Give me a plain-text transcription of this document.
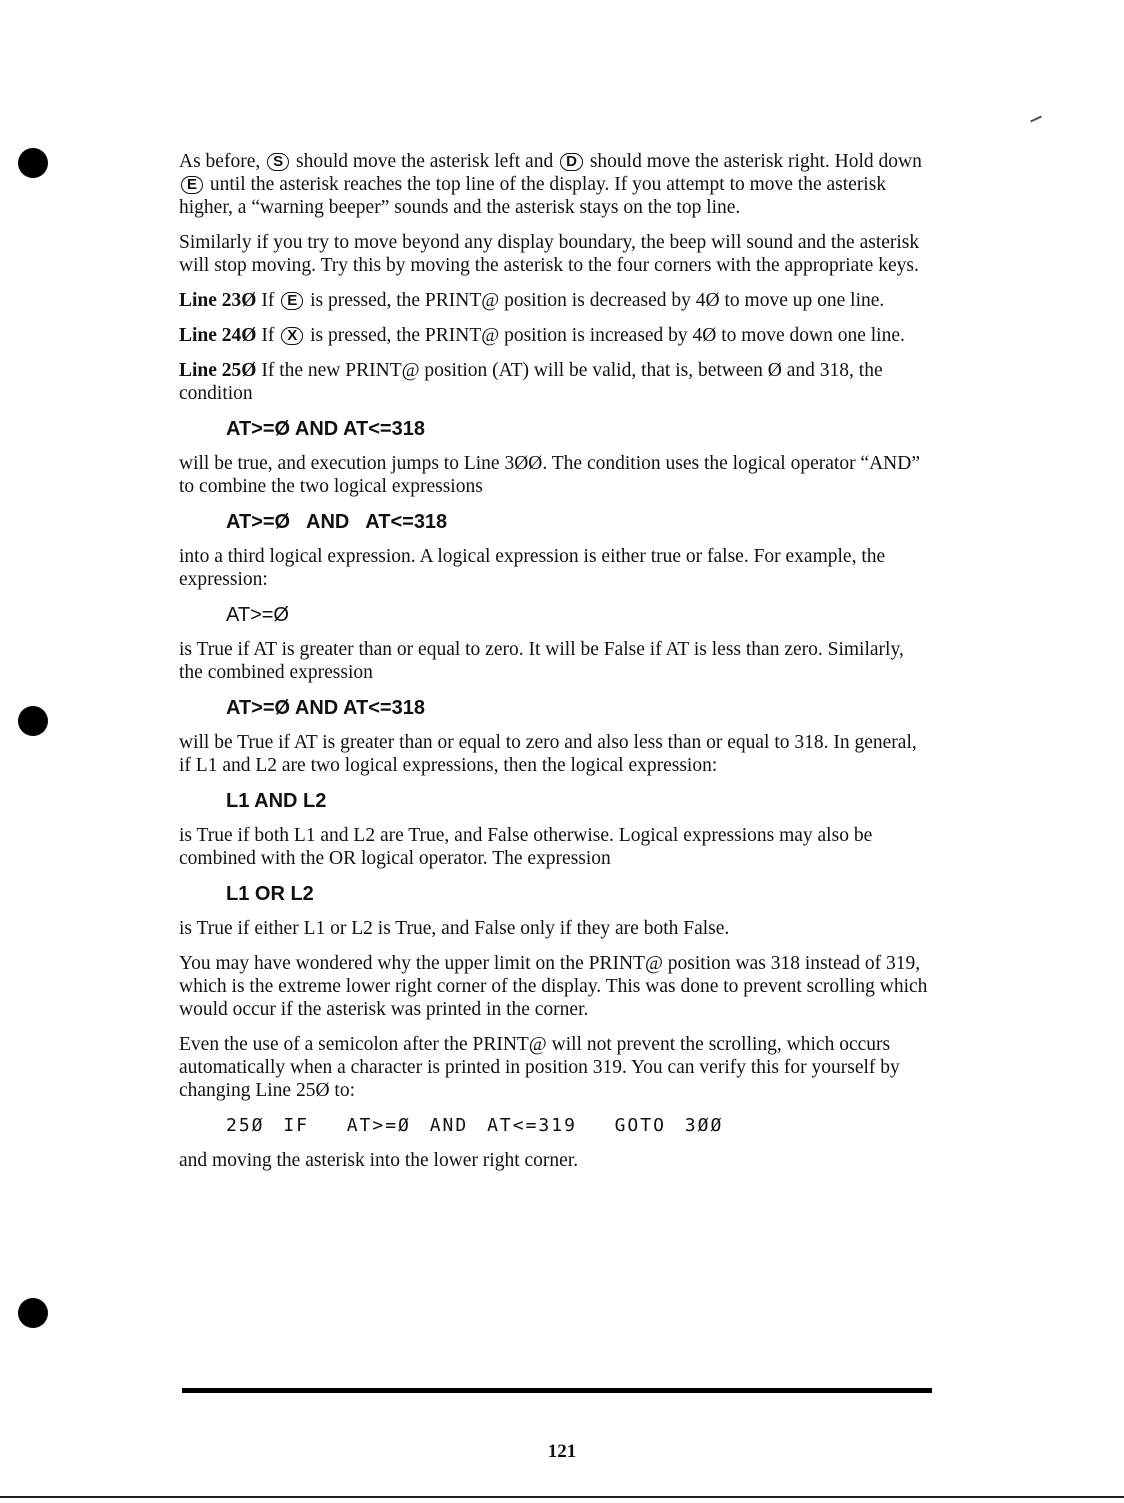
As before, S should move the asterisk left and D should move the asterisk right. Hold down E until the asterisk reaches the top line of the display. If you attempt to move the asterisk higher, a “warning beeper” sounds and the asterisk stays on the top line.

Similarly if you try to move beyond any display boundary, the beep will sound and the asterisk will stop moving. Try this by moving the asterisk to the four corners with the appropriate keys.

Line 23Ø If E is pressed, the PRINT@ position is decreased by 4Ø to move up one line.

Line 24Ø If X is pressed, the PRINT@ position is increased by 4Ø to move down one line.

Line 25Ø If the new PRINT@ position (AT) will be valid, that is, between Ø and 318, the condition

AT>=Ø AND AT<=318

will be true, and execution jumps to Line 3ØØ. The condition uses the logical operator “AND” to combine the two logical expressions

AT>=Ø   AND   AT<=318

into a third logical expression. A logical expression is either true or false. For example, the expression:

AT>=Ø

is True if AT is greater than or equal to zero. It will be False if AT is less than zero. Similarly, the combined expression

AT>=Ø AND AT<=318

will be True if AT is greater than or equal to zero and also less than or equal to 318. In general, if L1 and L2 are two logical expressions, then the logical expression:

L1 AND L2

is True if both L1 and L2 are True, and False otherwise. Logical expressions may also be combined with the OR logical operator. The expression

L1 OR L2

is True if either L1 or L2 is True, and False only if they are both False.

You may have wondered why the upper limit on the PRINT@ position was 318 instead of 319, which is the extreme lower right corner of the display. This was done to prevent scrolling which would occur if the asterisk was printed in the corner.

Even the use of a semicolon after the PRINT@ will not prevent the scrolling, which occurs automatically when a character is printed in position 319. You can verify this for yourself by changing Line 25Ø to:

25Ø IF  AT>=Ø AND AT<=319  GOTO 3ØØ

and moving the asterisk into the lower right corner.

121
